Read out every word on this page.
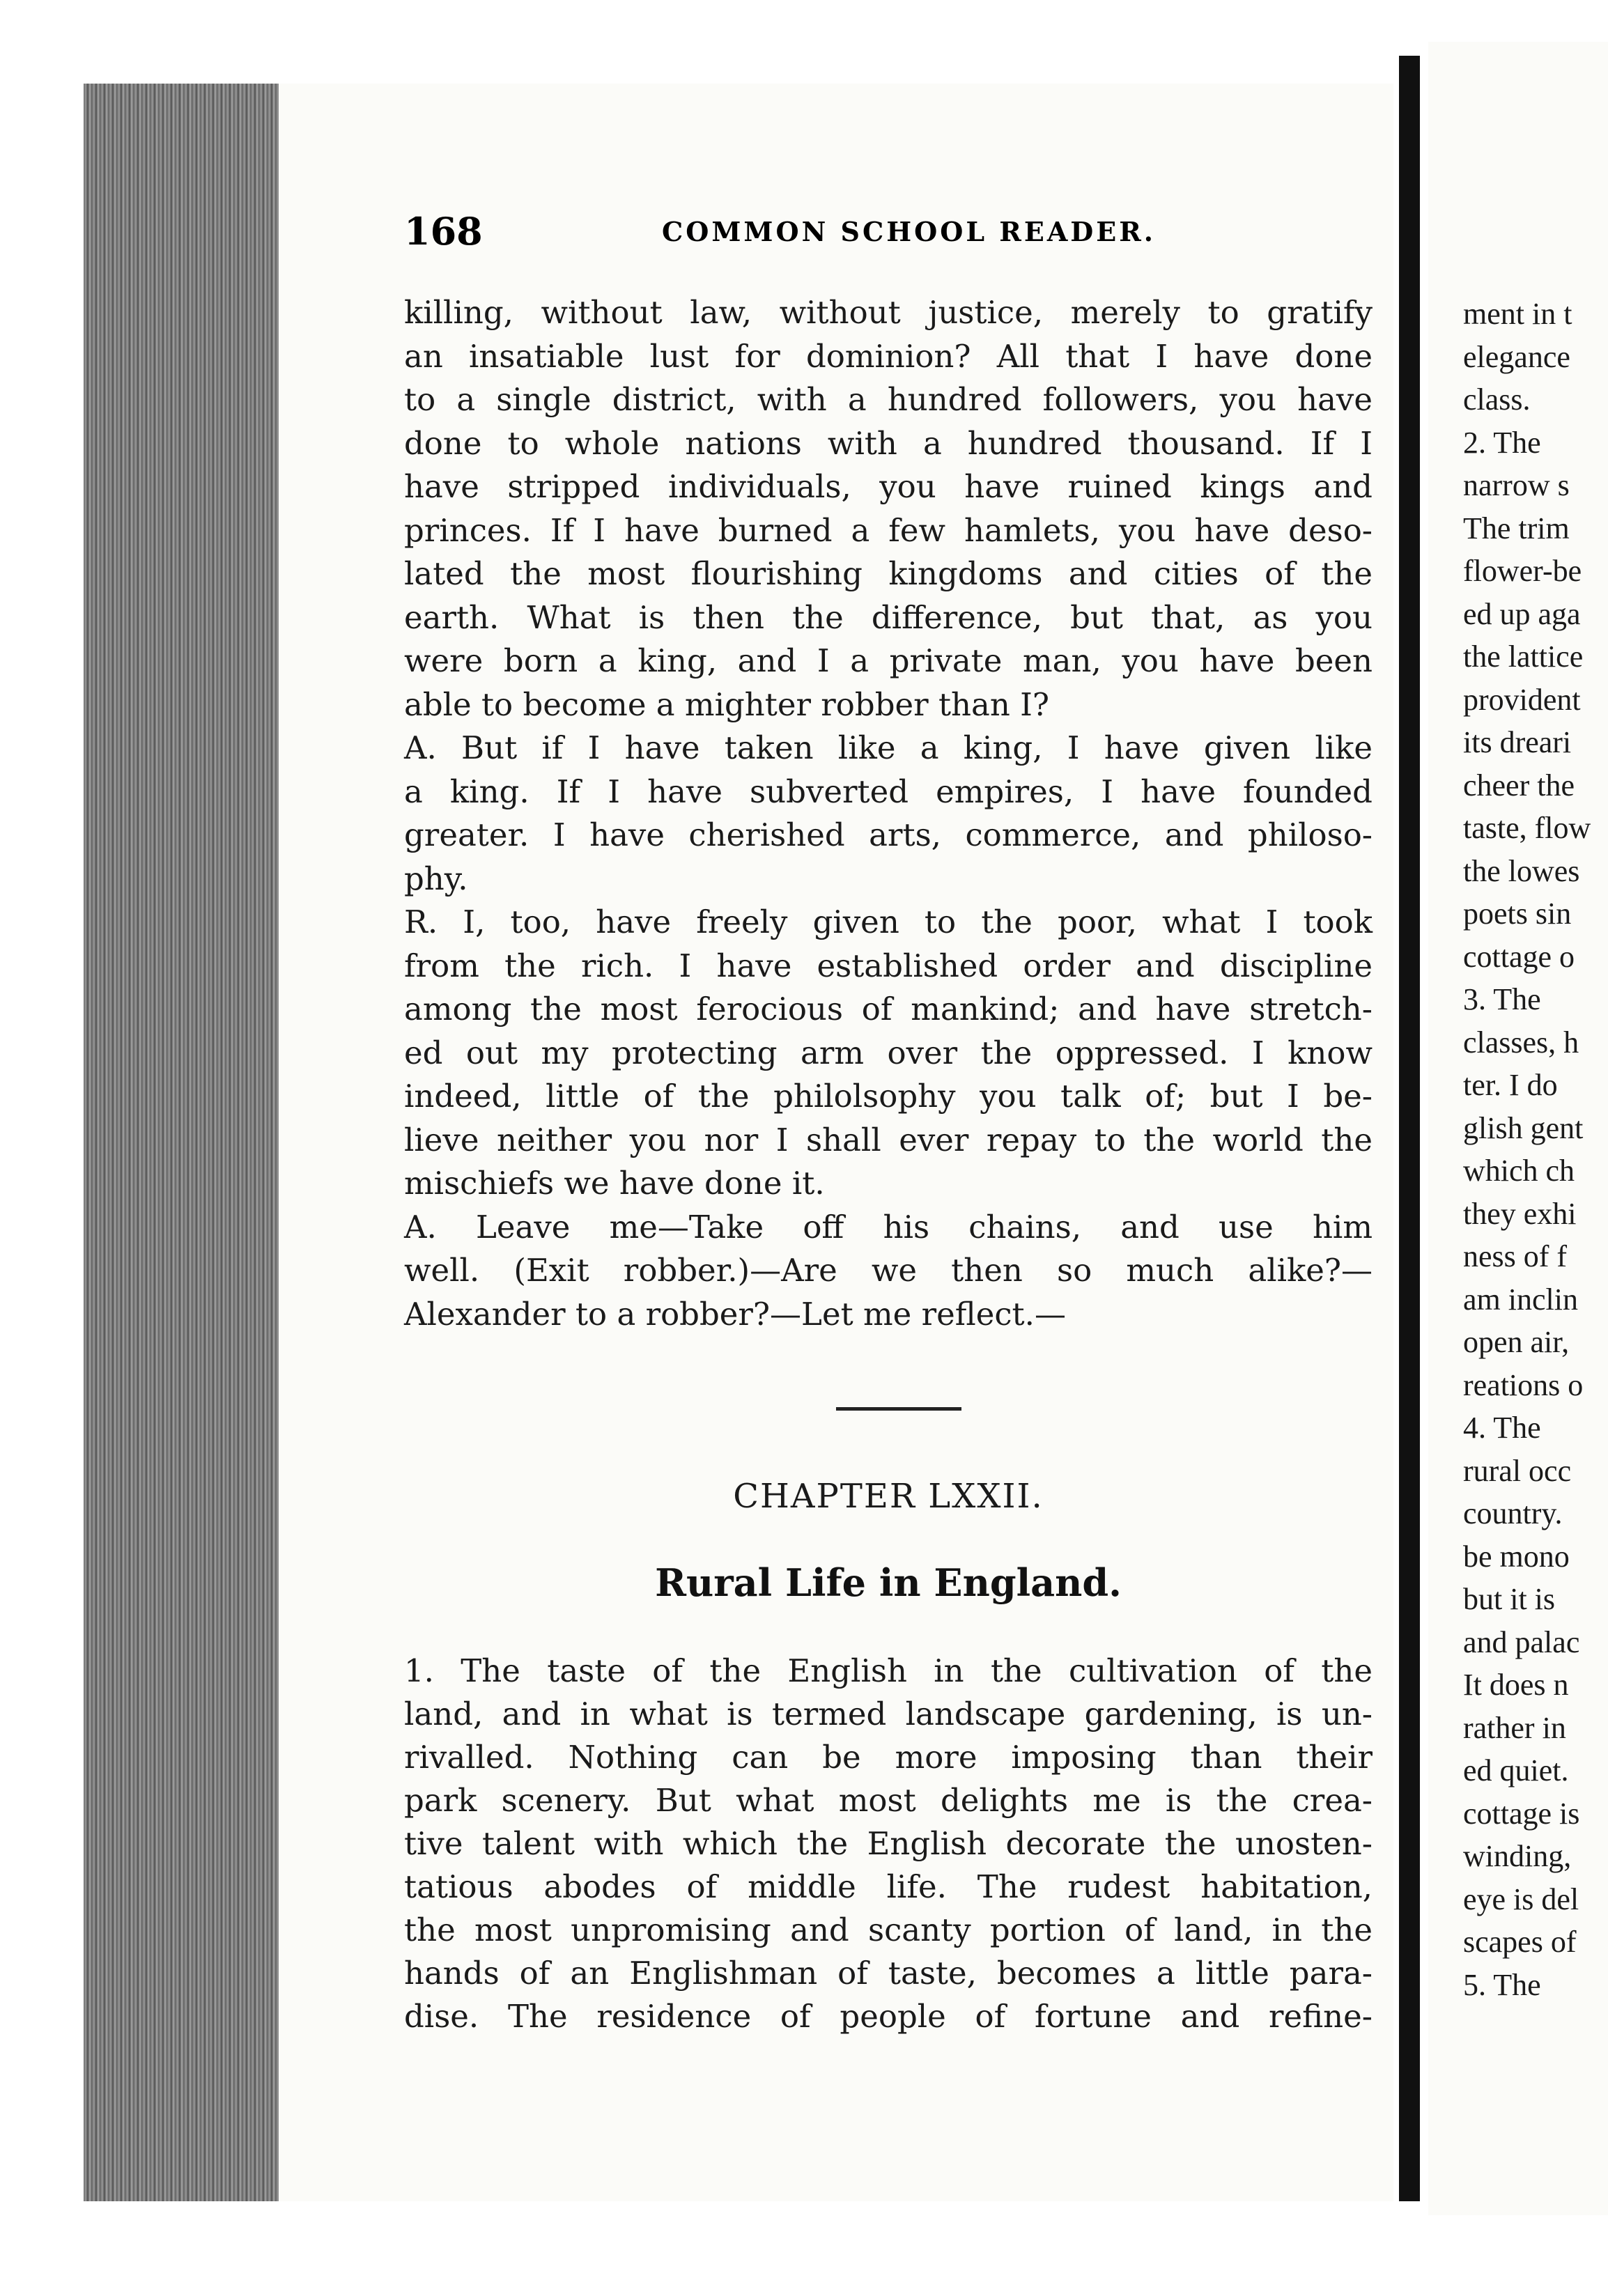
168	COMMON SCHOOL READER.
killing, without law, without justice, merely to gratify
an insatiable lust for dominion? All that I have done
to a single district, with a hundred followers, you have
done to whole nations with a hundred thousand. If I
have stripped individuals, you have ruined kings and
princes. If I have burned a few hamlets, you have deso-
lated the most flourishing kingdoms and cities of the
earth. What is then the difference, but that, as you
were born a king, and I a private man, you have been
able to become a mighter robber than I?
A. But if I have taken like a king, I have given like
a king. If I have subverted empires, I have founded
greater. I have cherished arts, commerce, and philoso-
phy.
R. I, too, have freely given to the poor, what I took
from the rich. I have established order and discipline
among the most ferocious of mankind; and have stretch-
ed out my protecting arm over the oppressed. I know
indeed, little of the philolsophy you talk of; but I be-
lieve neither you nor I shall ever repay to the world the
mischiefs we have done it.
A. Leave me—Take off his chains, and use him
well. (Exit robber.)—Are we then so much alike?—
Alexander to a robber?—Let me reflect.—
CHAPTER LXXII.
Rural Life in England.
1. The taste of the English in the cultivation of the
land, and in what is termed landscape gardening, is un-
rivalled. Nothing can be more imposing than their
park scenery. But what most delights me is the crea-
tive talent with which the English decorate the unosten-
tatious abodes of middle life. The rudest habitation,
the most unpromising and scanty portion of land, in the
hands of an Englishman of taste, becomes a little para-
dise. The residence of people of fortune and refine-
ment in t
elegance
class.
2. The
narrow s
The trim
flower-be
ed up aga
the lattice
provident
its dreari
cheer the
taste, flow
the lowes
poets sin
cottage o
3. The
classes, h
ter. I do
glish gent
which ch
they exhi
ness of f
am inclin
open air,
reations o
4. The
rural occ
country.
be mono
but it is
and palac
It does n
rather in
ed quiet.
cottage is
winding,
eye is del
scapes of
5. The
